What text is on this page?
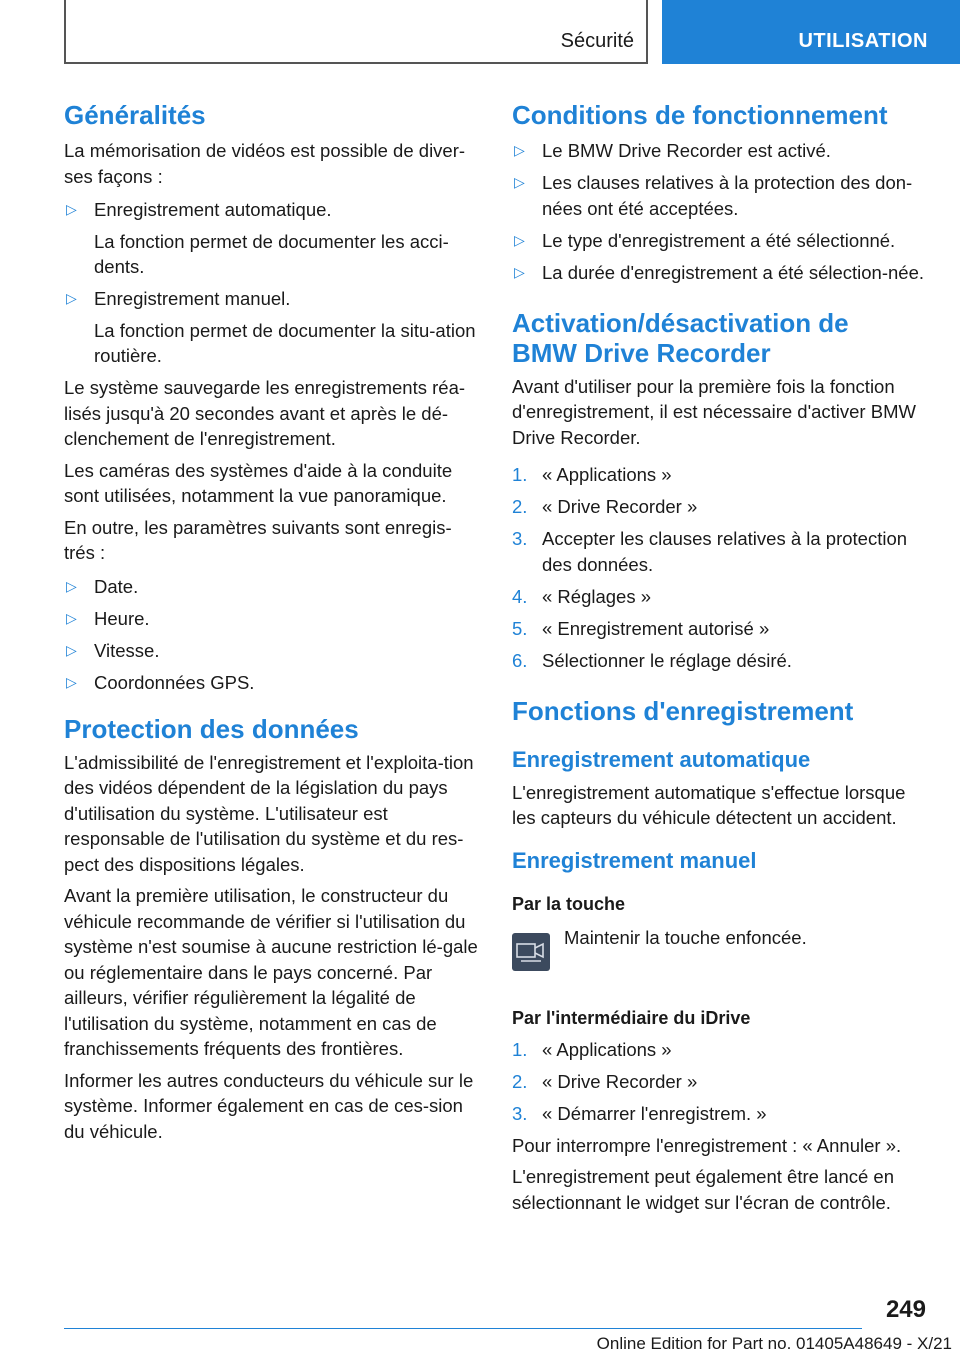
Sécurité	UTILISATION
Généralités

La mémorisation de vidéos est possible de diver-ses façons :

▷ Enregistrement automatique.
La fonction permet de documenter les acci-dents.
▷ Enregistrement manuel.
La fonction permet de documenter la situ-ation routière.

Le système sauvegarde les enregistrements réa-lisés jusqu'à 20 secondes avant et après le dé-clenchement de l'enregistrement.

Les caméras des systèmes d'aide à la conduite sont utilisées, notamment la vue panoramique.

En outre, les paramètres suivants sont enregis-trés :

▷ Date.
▷ Heure.
▷ Vitesse.
▷ Coordonnées GPS.
Protection des données

L'admissibilité de l'enregistrement et l'exploita-tion des vidéos dépendent de la législation du pays d'utilisation du système. L'utilisateur est responsable de l'utilisation du système et du res-pect des dispositions légales.

Avant la première utilisation, le constructeur du véhicule recommande de vérifier si l'utilisation du système n'est soumise à aucune restriction lé-gale ou réglementaire dans le pays concerné. Par ailleurs, vérifier régulièrement la légalité de l'utilisation du système, notamment en cas de franchissements fréquents des frontières.

Informer les autres conducteurs du véhicule sur le système. Informer également en cas de ces-sion du véhicule.

Conditions de fonctionnement
▷ Le BMW Drive Recorder est activé.
▷ Les clauses relatives à la protection des don-nées ont été acceptées.
▷ Le type d'enregistrement a été sélectionné.
▷ La durée d'enregistrement a été sélection-née.
Activation/désactivation de
BMW Drive Recorder

Avant d'utiliser pour la première fois la fonction d'enregistrement, il est nécessaire d'activer BMW Drive Recorder.

1. « Applications »
2. « Drive Recorder »
3. Accepter les clauses relatives à la protection des données.
4. « Réglages »
5. « Enregistrement autorisé »
6. Sélectionner le réglage désiré.
Fonctions d'enregistrement
Enregistrement automatique

L'enregistrement automatique s'effectue lorsque les capteurs du véhicule détectent un accident.

Enregistrement manuel
Par la touche
Maintenir la touche enfoncée.
Par l'intermédiaire du iDrive
1. « Applications »
2. « Drive Recorder »
3. « Démarrer l'enregistrem. »

Pour interrompre l'enregistrement : « Annuler ».

L'enregistrement peut également être lancé en sélectionnant le widget sur l'écran de contrôle.

249
Online Edition for Part no. 01405A48649 - X/21
